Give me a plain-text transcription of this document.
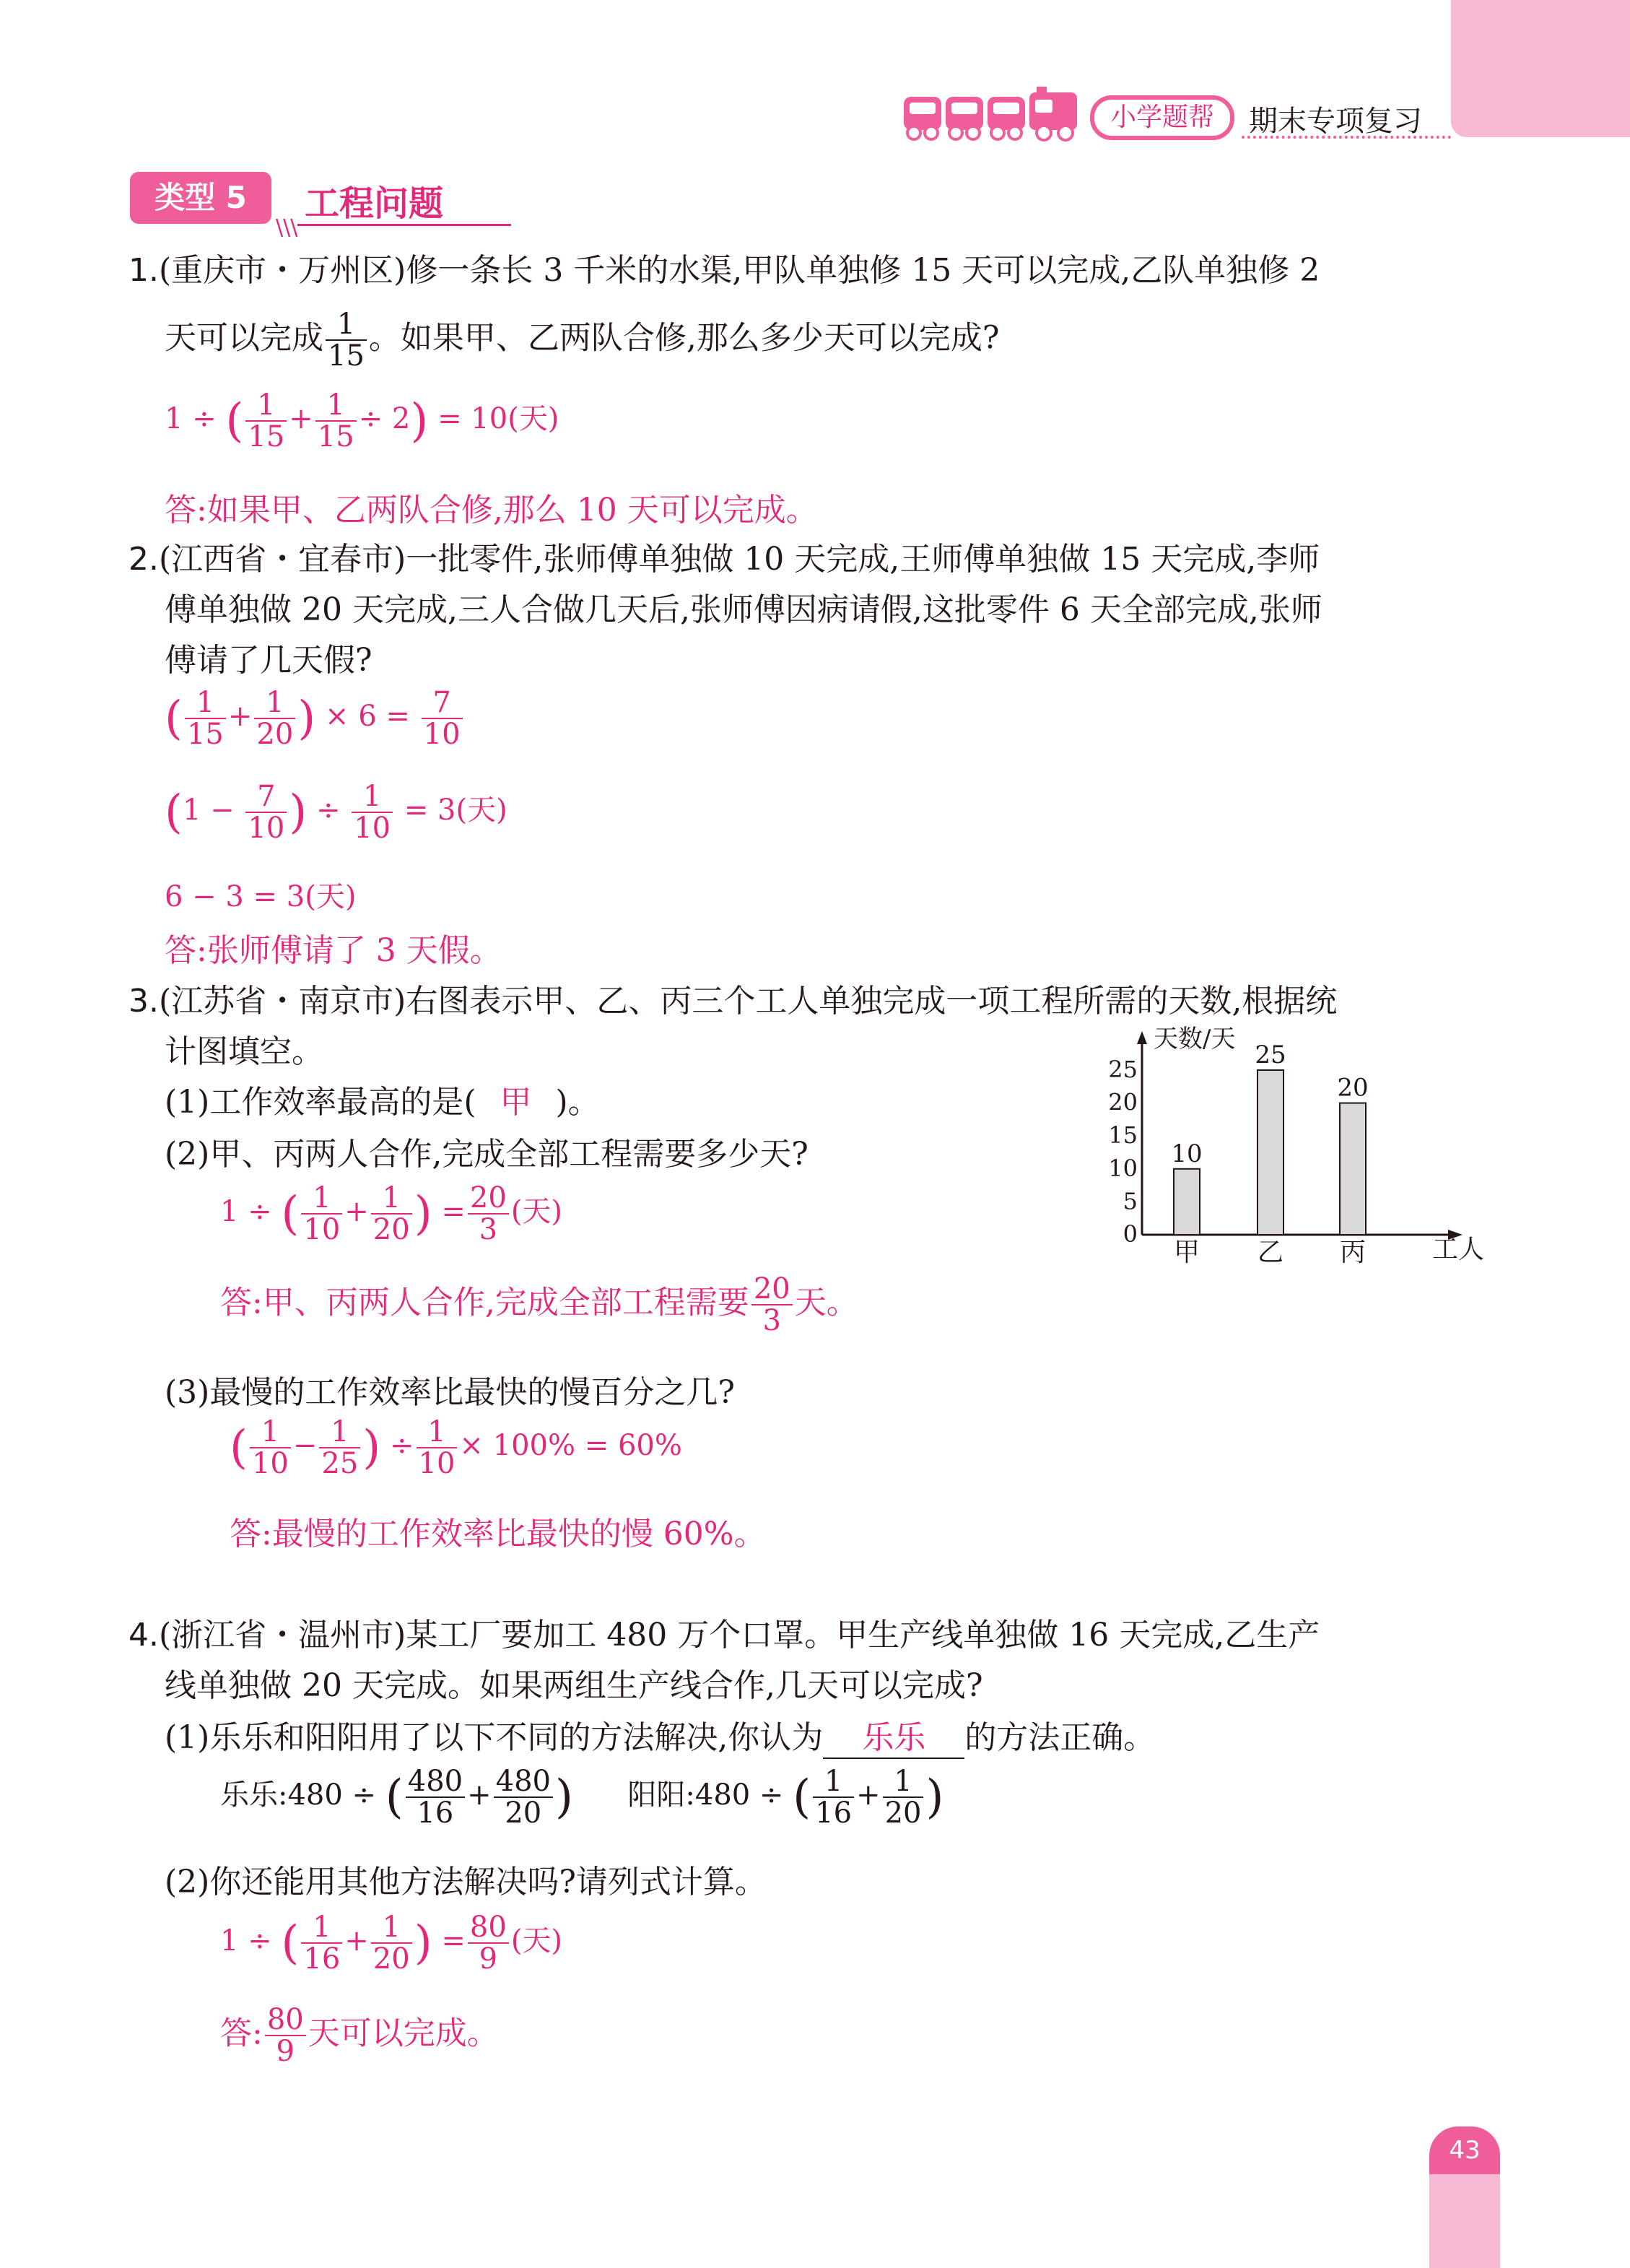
小学题帮	期末专项复习
类型 5
\\\
工程问题
1.(重庆市・万州区)修一条长 3 千米的水渠,甲队单独修 15 天可以完成,乙队单独修 2
天可以完成 $\frac{1}{15}$ 。如果甲、乙两队合修,那么多少天可以完成?
1 ÷ ( $\frac{1}{15} + \frac{1}{15} \div 2) = 10$(天)
答:如果甲、乙两队合修,那么 10 天可以完成。
2.(江西省・宜春市)一批零件,张师傅单独做 10 天完成,王师傅单独做 15 天完成,李师
傅单独做 20 天完成,三人合做几天后,张师傅因病请假,这批零件 6 天全部完成,张师
傅请了几天假?
( $\frac{1}{15} + \frac{1}{20}$ ) × $6 = \frac{7}{10}$
($1 - \frac{7}{10}$ ) ÷ $\frac{1}{10} = 3$(天)
6 − 3 = 3(天)
答:张师傅请了 3 天假。
3.(江苏省・南京市)右图表示甲、乙、丙三个工人单独完成一项工程所需的天数,根据统
计图填空。
(1)工作效率最高的是( 甲 )。
(2)甲、丙两人合作,完成全部工程需要多少天?
1 ÷ ( $\frac{1}{10} + \frac{1}{20}$ ) = $\frac{20}{3}$ (天)
答:甲、丙两人合作,完成全部工程需要 $\frac{20}{3}$ 天。
(3)最慢的工作效率比最快的慢百分之几?
( $\frac{1}{10} - \frac{1}{25}$ ) ÷ $\frac{1}{10} \times 100\% = 60\%$
答:最慢的工作效率比最快的慢 60%。
天数/天
工人
0
5
10
15
20
25
10
甲
25
乙
20
丙
4.(浙江省・温州市)某工厂要加工 480 万个口罩。甲生产线单独做 16 天完成,乙生产
线单独做 20 天完成。如果两组生产线合作,几天可以完成?
(1)乐乐和阳阳用了以下不同的方法解决,你认为 乐乐 的方法正确。
乐乐:480 ÷ ( $\frac{480}{16} + \frac{480}{20}$ ) 阳阳:480 ÷ ( $\frac{1}{16} + \frac{1}{20}$ )
(2)你还能用其他方法解决吗?请列式计算。
1 ÷ ( $\frac{1}{16} + \frac{1}{20}$ ) = $\frac{80}{9}$ (天)
答: $\frac{80}{9}$ 天可以完成。
43
